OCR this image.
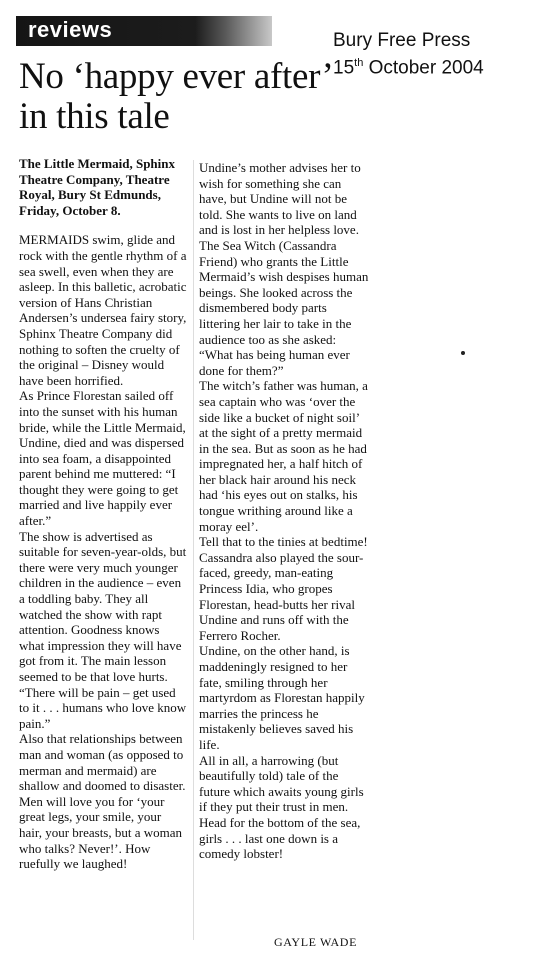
reviews	Bury Free Press
15th October 2004
No ‘happy ever after’ in this tale

The Little Mermaid, Sphinx Theatre Company, Theatre Royal, Bury St Edmunds, Friday, October 8.

MERMAIDS swim, glide and rock with the gentle rhythm of a sea swell, even when they are asleep. In this balletic, acrobatic version of Hans Christian Andersen’s undersea fairy story, Sphinx Theatre Company did nothing to soften the cruelty of the original – Disney would have been horrified.

As Prince Florestan sailed off into the sunset with his human bride, while the Little Mermaid, Undine, died and was dispersed into sea foam, a disappointed parent behind me muttered: “I thought they were going to get married and live happily ever after.”

The show is advertised as suitable for seven-year-olds, but there were very much younger children in the audience – even a toddling baby. They all watched the show with rapt attention. Goodness knows what impression they will have got from it. The main lesson seemed to be that love hurts. “There will be pain – get used to it . . . humans who love know pain.”

Also that relationships between man and woman (as opposed to merman and mermaid) are shallow and doomed to disaster. Men will love you for ‘your great legs, your smile, your hair, your breasts, but a woman who talks? Never!’. How ruefully we laughed!

Undine’s mother advises her to wish for something she can have, but Undine will not be told. She wants to live on land and is lost in her helpless love.

The Sea Witch (Cassandra Friend) who grants the Little Mermaid’s wish despises human beings. She looked across the dismembered body parts littering her lair to take in the audience too as she asked: “What has being human ever done for them?”

The witch’s father was human, a sea captain who was ‘over the side like a bucket of night soil’ at the sight of a pretty mermaid in the sea. But as soon as he had impregnated her, a half hitch of her black hair around his neck had ‘his eyes out on stalks, his tongue writhing around like a moray eel’.

Tell that to the tinies at bedtime!

Cassandra also played the sour-faced, greedy, man-eating Princess Idia, who gropes Florestan, head-butts her rival Undine and runs off with the Ferrero Rocher.

Undine, on the other hand, is maddeningly resigned to her fate, smiling through her martyrdom as Florestan happily marries the princess he mistakenly believes saved his life.

All in all, a harrowing (but beautifully told) tale of the future which awaits young girls if they put their trust in men.

Head for the bottom of the sea, girls . . . last one down is a comedy lobster!

GAYLE WADE
